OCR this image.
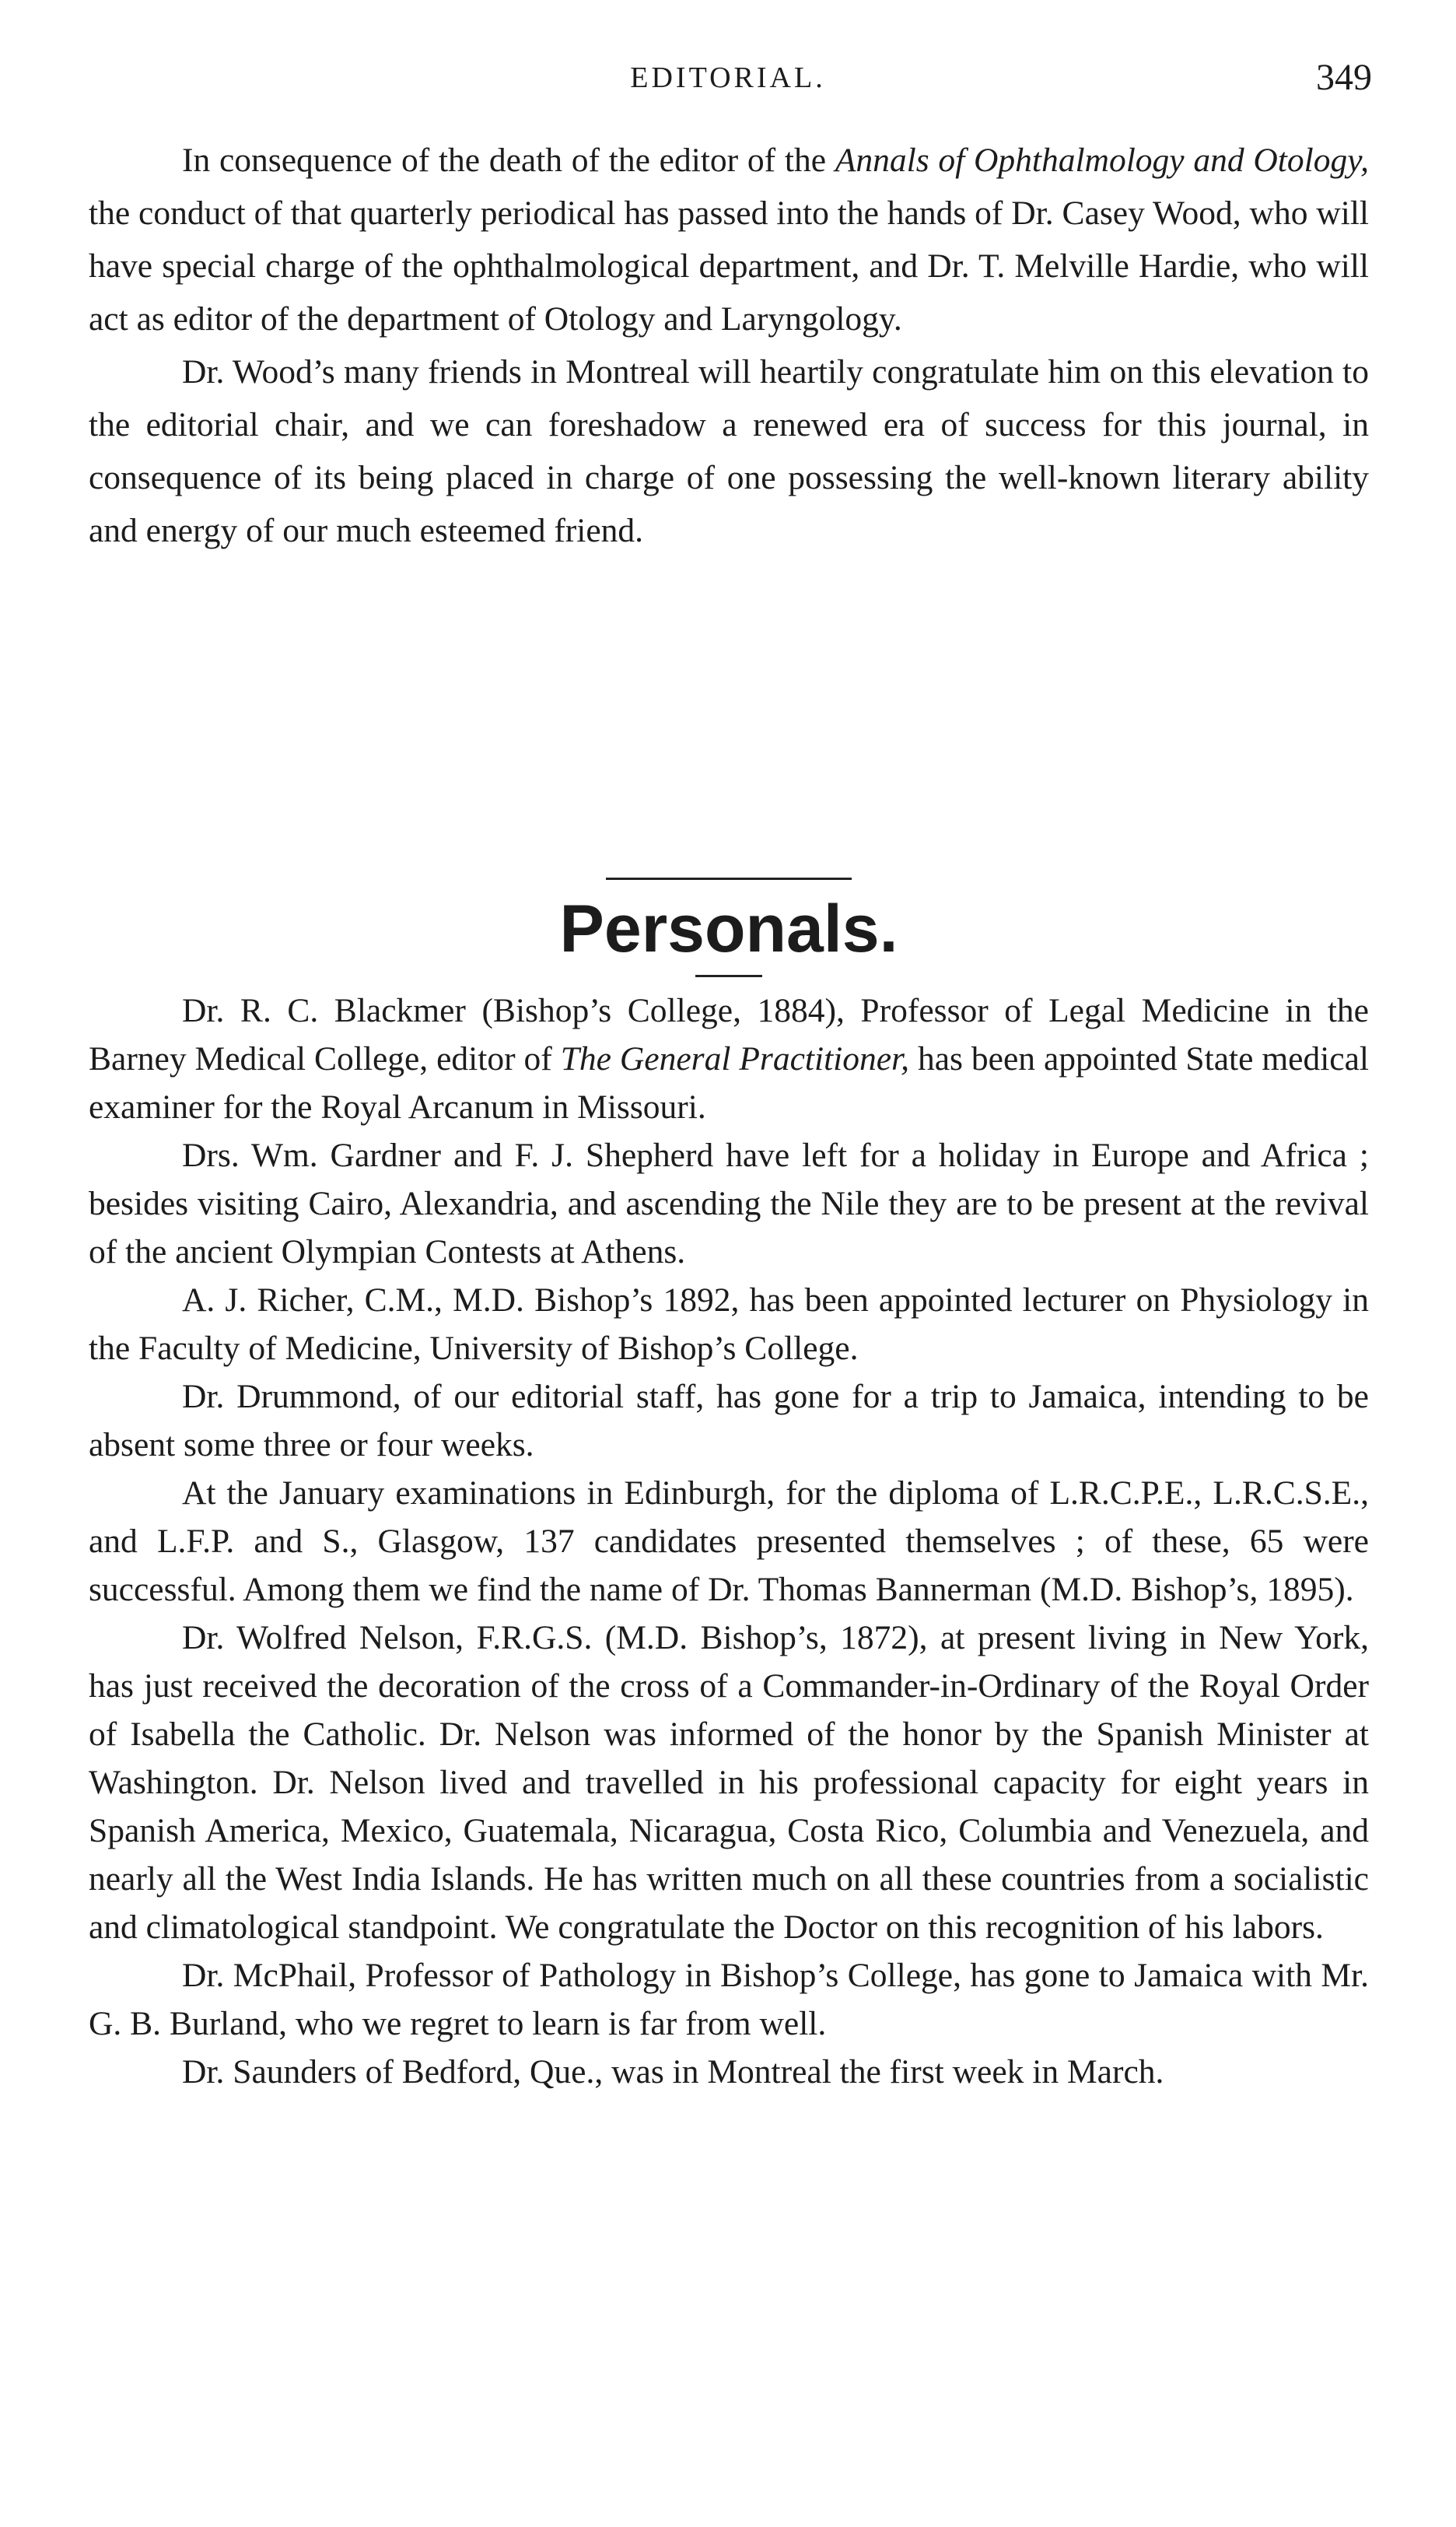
EDITORIAL.	349

In consequence of the death of the editor of the Annals of Ophthalmology and Otology, the conduct of that quarterly periodical has passed into the hands of Dr. Casey Wood, who will have special charge of the ophthalmological department, and Dr. T. Melville Hardie, who will act as editor of the department of Otology and Laryngology.

Dr. Wood’s many friends in Montreal will heartily congratulate him on this elevation to the editorial chair, and we can foreshadow a renewed era of success for this journal, in consequence of its being placed in charge of one possessing the well-known literary ability and energy of our much esteemed friend.

Personals.

Dr. R. C. Blackmer (Bishop’s College, 1884), Professor of Legal Medicine in the Barney Medical College, editor of The General Practitioner, has been appointed State medical examiner for the Royal Arcanum in Missouri.

Drs. Wm. Gardner and F. J. Shepherd have left for a holiday in Europe and Africa ; besides visiting Cairo, Alexandria, and ascending the Nile they are to be present at the revival of the ancient Olympian Contests at Athens.

A. J. Richer, C.M., M.D. Bishop’s 1892, has been appointed lecturer on Physiology in the Faculty of Medicine, University of Bishop’s College.

Dr. Drummond, of our editorial staff, has gone for a trip to Jamaica, intending to be absent some three or four weeks.

At the January examinations in Edinburgh, for the diploma of L.R.C.P.E., L.R.C.S.E., and L.F.P. and S., Glasgow, 137 candidates presented themselves ; of these, 65 were successful. Among them we find the name of Dr. Thomas Bannerman (M.D. Bishop’s, 1895).

Dr. Wolfred Nelson, F.R.G.S. (M.D. Bishop’s, 1872), at present living in New York, has just received the decoration of the cross of a Commander-in-Ordinary of the Royal Order of Isabella the Catholic. Dr. Nelson was informed of the honor by the Spanish Minister at Washington. Dr. Nelson lived and travelled in his professional capacity for eight years in Spanish America, Mexico, Guatemala, Nicaragua, Costa Rico, Columbia and Venezuela, and nearly all the West India Islands. He has written much on all these countries from a socialistic and climatological standpoint. We congratulate the Doctor on this recognition of his labors.

Dr. McPhail, Professor of Pathology in Bishop’s College, has gone to Jamaica with Mr. G. B. Burland, who we regret to learn is far from well.

Dr. Saunders of Bedford, Que., was in Montreal the first week in March.
